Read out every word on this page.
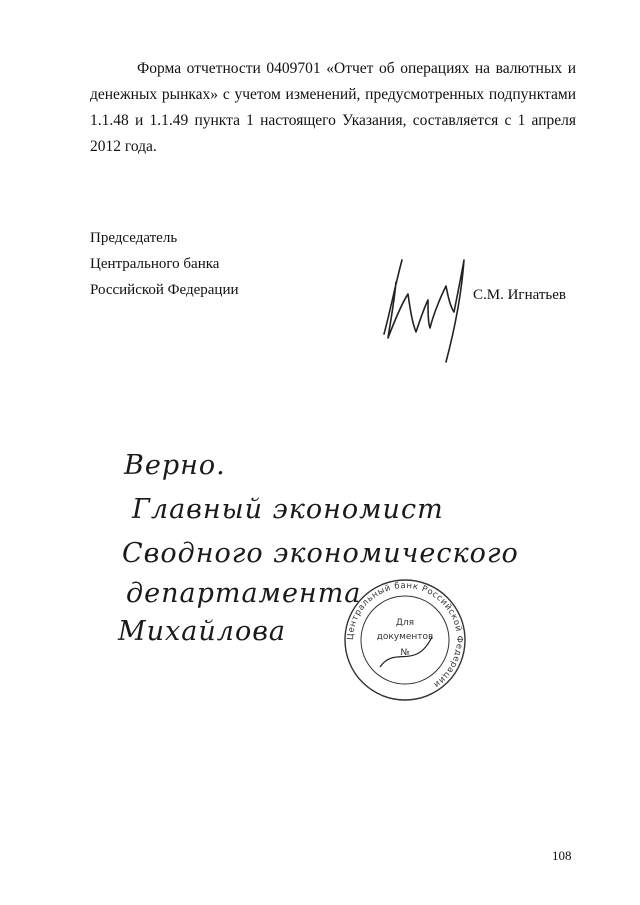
Форма отчетности 0409701 «Отчет об операциях на валютных и денежных рынках» с учетом изменений, предусмотренных подпунктами 1.1.48 и 1.1.49 пункта 1 настоящего Указания, составляется с 1 апреля 2012 года.

Председатель
Центрального банка
Российской Федерации	С.М. Игнатьев
Верно.
Главный экономист
Сводного экономического
департамента
Михайлова	Центральный банк Российской Федерации
Для
документов
№
108
